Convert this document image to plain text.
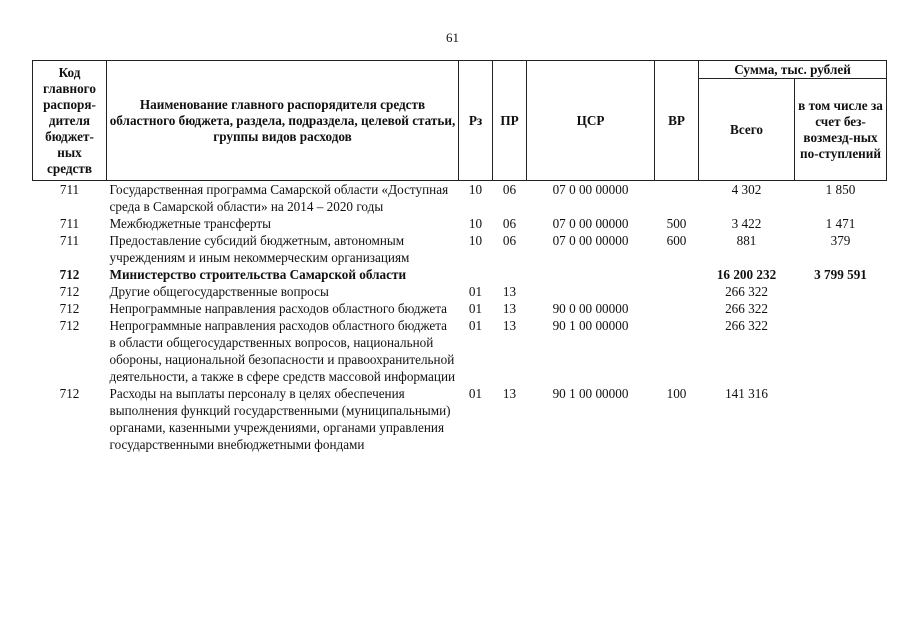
61
Код главного распоря-дителя бюджет-ных средств	Наименование главного распорядителя средств областного бюджета, раздела, подраздела, целевой статьи, группы видов расходов	Рз	ПР	ЦСР	ВР	Сумма, тыс. рублей	
						Всего	в том числе за счет без-возмезд-ных по-ступлений
711	Государственная программа Самарской области «Доступная среда в Самарской области» на 2014 – 2020 годы	10	06	07 0 00 00000		4 302	1 850
711	Межбюджетные трансферты	10	06	07 0 00 00000	500	3 422	1 471
711	Предоставление субсидий бюджетным, автономным учреждениям и иным некоммерческим организациям	10	06	07 0 00 00000	600	881	379
712	Министерство строительства Самарской области					16 200 232	3 799 591
712	Другие общегосударственные вопросы	01	13			266 322	
712	Непрограммные направления расходов областного бюджета	01	13	90 0 00 00000		266 322	
712	Непрограммные направления расходов областного бюджета в области общегосударственных вопросов, национальной обороны, национальной безопасности и правоохранительной деятельности, а также в сфере средств массовой информации	01	13	90 1 00 00000		266 322	
712	Расходы на выплаты персоналу в целях обеспечения выполнения функций государственными (муниципальными) органами, казенными учреждениями, органами управления государственными внебюджетными фондами	01	13	90 1 00 00000	100	141 316	
